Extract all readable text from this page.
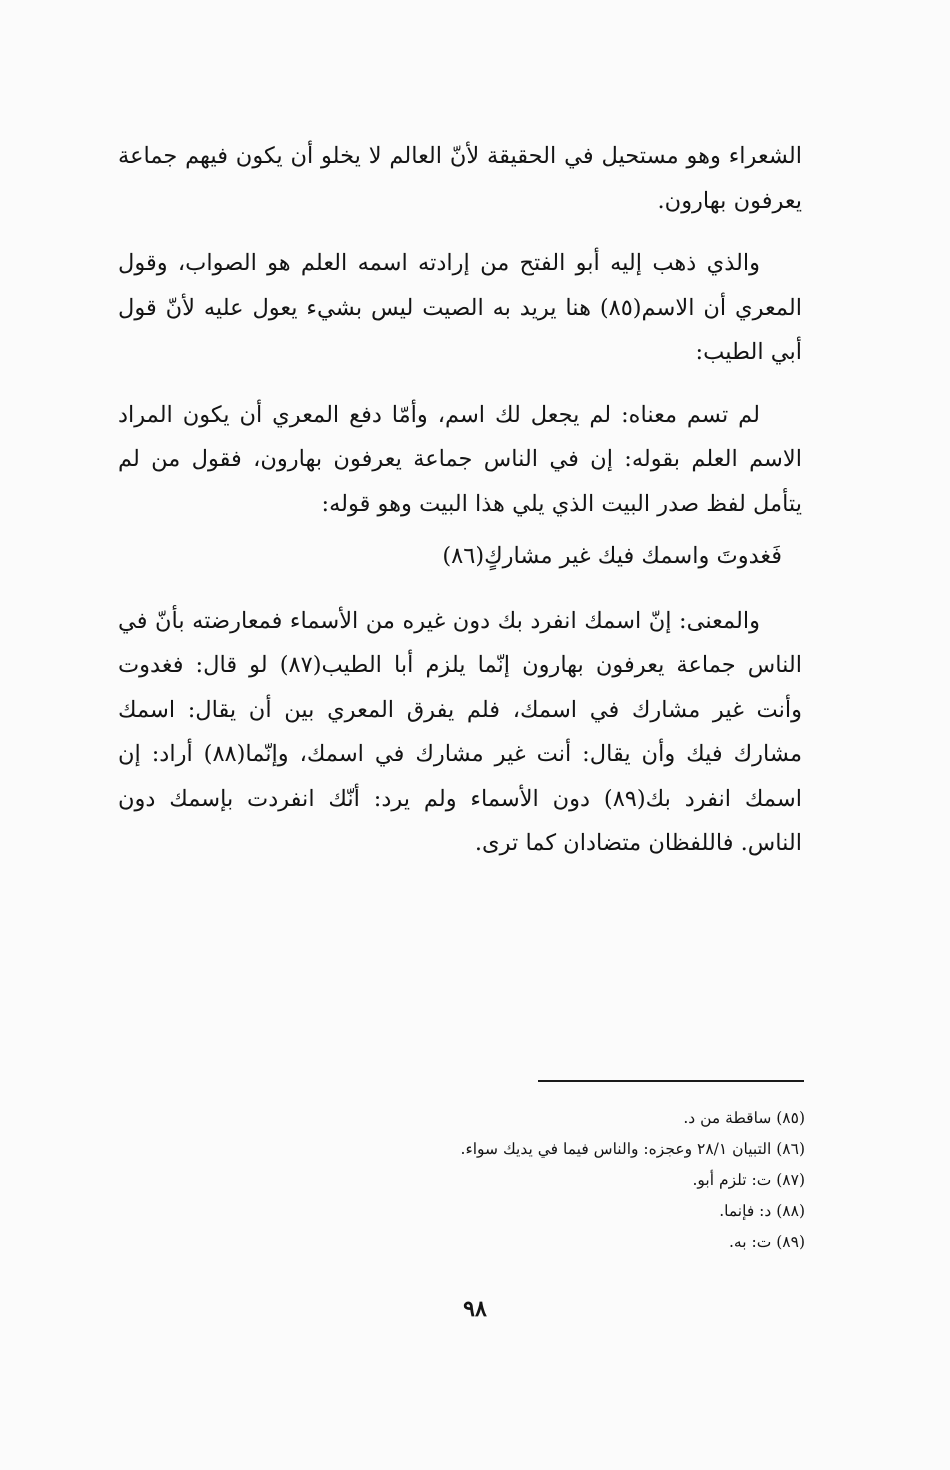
الشعراء وهو مستحيل في الحقيقة لأنّ العالم لا يخلو أن يكون فيهم جماعة يعرفون بهارون.

والذي ذهب إليه أبو الفتح من إرادته اسمه العلم هو الصواب، وقول المعري أن الاسم(٨٥) هنا يريد به الصيت ليس بشيء يعول عليه لأنّ قول أبي الطيب:

لم تسم معناه: لم يجعل لك اسم، وأمّا دفع المعري أن يكون المراد الاسم العلم بقوله: إن في الناس جماعة يعرفون بهارون، فقول من لم يتأمل لفظ صدر البيت الذي يلي هذا البيت وهو قوله:

فَغدوتَ واسمك فيك غير مشاركٍ(٨٦)

والمعنى: إنّ اسمك انفرد بك دون غيره من الأسماء فمعارضته بأنّ في الناس جماعة يعرفون بهارون إنّما يلزم أبا الطيب(٨٧) لو قال: فغدوت وأنت غير مشارك في اسمك، فلم يفرق المعري بين أن يقال: اسمك مشارك فيك وأن يقال: أنت غير مشارك في اسمك، وإنّما(٨٨) أراد: إن اسمك انفرد بك(٨٩) دون الأسماء ولم يرد: أنّك انفردت بإسمك دون الناس. فاللفظان متضادان كما ترى.

(٨٥) ساقطة من د.
(٨٦) التبيان ٢٨/١ وعجزه: والناس فيما في يديك سواء.
(٨٧) ت: تلزم أبو.
(٨٨) د: فإنما.
(٨٩) ت: به.
٩٨
